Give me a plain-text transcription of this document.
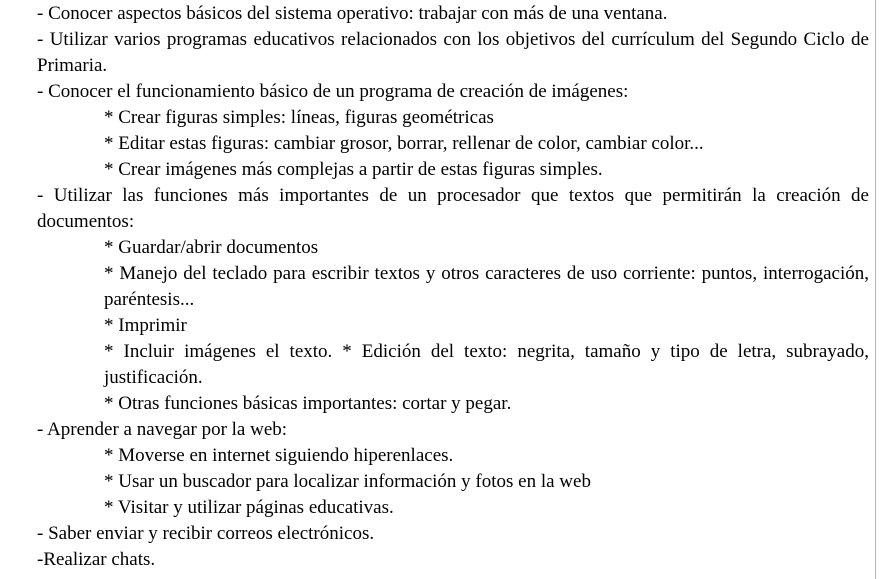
- Conocer aspectos básicos del sistema operativo: trabajar con más de una ventana.

- Utilizar varios programas educativos relacionados con los objetivos del currículum del Segundo Ciclo de Primaria.

- Conocer el funcionamiento básico de un programa de creación de imágenes:

* Crear figuras simples: líneas, figuras geométricas

* Editar estas figuras: cambiar grosor, borrar, rellenar de color, cambiar color...

* Crear imágenes más complejas a partir de estas figuras simples.

- Utilizar las funciones más importantes de un procesador que textos que permitirán la creación de documentos:

* Guardar/abrir documentos

* Manejo del teclado para escribir textos y otros caracteres de uso corriente: puntos, interrogación, paréntesis...

* Imprimir

* Incluir imágenes el texto. * Edición del texto: negrita, tamaño y tipo de letra, subrayado, justificación.

* Otras funciones básicas importantes: cortar y pegar.

- Aprender a navegar por la web:

* Moverse en internet siguiendo hiperenlaces.

* Usar un buscador para localizar información y fotos en la web

* Visitar y utilizar páginas educativas.

- Saber enviar y recibir correos electrónicos.

-Realizar chats.
